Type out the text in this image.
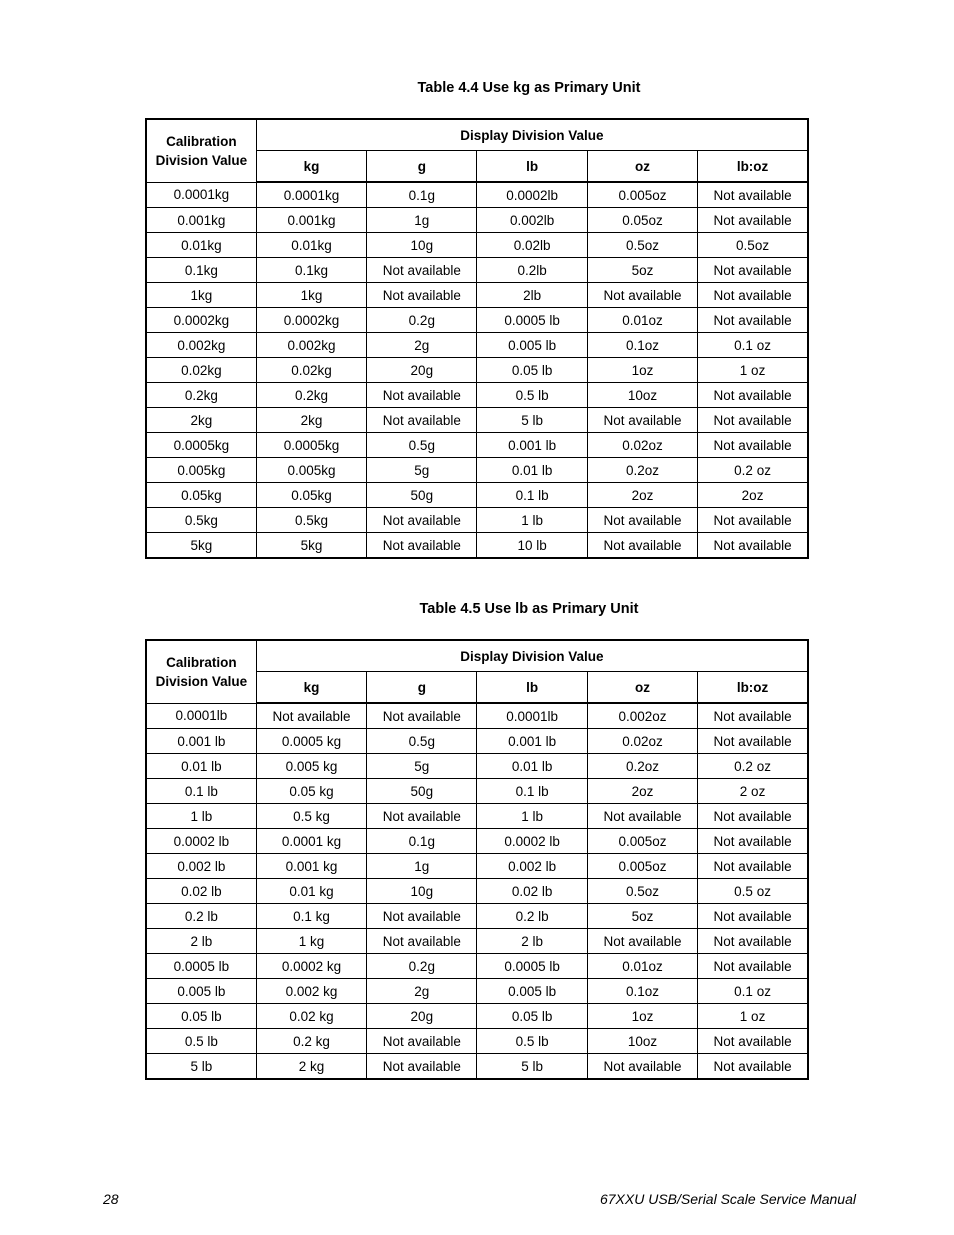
Table 4.4 Use kg as Primary Unit
Calibration
Division Value	Display Division Value				
	kg	g	lb	oz	lb:oz
0.0001kg	0.0001kg	0.1g	0.0002lb	0.005oz	Not available
0.001kg	0.001kg	1g	0.002lb	0.05oz	Not available
0.01kg	0.01kg	10g	0.02lb	0.5oz	0.5oz
0.1kg	0.1kg	Not available	0.2lb	5oz	Not available
1kg	1kg	Not available	2lb	Not available	Not available
0.0002kg	0.0002kg	0.2g	0.0005 lb	0.01oz	Not available
0.002kg	0.002kg	2g	0.005 lb	0.1oz	0.1 oz
0.02kg	0.02kg	20g	0.05 lb	1oz	1 oz
0.2kg	0.2kg	Not available	0.5 lb	10oz	Not available
2kg	2kg	Not available	5 lb	Not available	Not available
0.0005kg	0.0005kg	0.5g	0.001 lb	0.02oz	Not available
0.005kg	0.005kg	5g	0.01 lb	0.2oz	0.2 oz
0.05kg	0.05kg	50g	0.1 lb	2oz	2oz
0.5kg	0.5kg	Not available	1 lb	Not available	Not available
5kg	5kg	Not available	10 lb	Not available	Not available
Table 4.5 Use lb as Primary Unit
Calibration
Division Value	Display Division Value				
	kg	g	lb	oz	lb:oz
0.0001lb	Not available	Not available	0.0001lb	0.002oz	Not available
0.001 lb	0.0005 kg	0.5g	0.001 lb	0.02oz	Not available
0.01 lb	0.005 kg	5g	0.01 lb	0.2oz	0.2 oz
0.1 lb	0.05 kg	50g	0.1 lb	2oz	2 oz
1 lb	0.5 kg	Not available	1 lb	Not available	Not available
0.0002 lb	0.0001 kg	0.1g	0.0002 lb	0.005oz	Not available
0.002 lb	0.001 kg	1g	0.002 lb	0.005oz	Not available
0.02 lb	0.01 kg	10g	0.02 lb	0.5oz	0.5 oz
0.2 lb	0.1 kg	Not available	0.2 lb	5oz	Not available
2 lb	1 kg	Not available	2 lb	Not available	Not available
0.0005 lb	0.0002 kg	0.2g	0.0005 lb	0.01oz	Not available
0.005 lb	0.002 kg	2g	0.005 lb	0.1oz	0.1 oz
0.05 lb	0.02 kg	20g	0.05 lb	1oz	1 oz
0.5 lb	0.2 kg	Not available	0.5 lb	10oz	Not available
5 lb	2 kg	Not available	5 lb	Not available	Not available
28	67XXU USB/Serial Scale Service Manual
